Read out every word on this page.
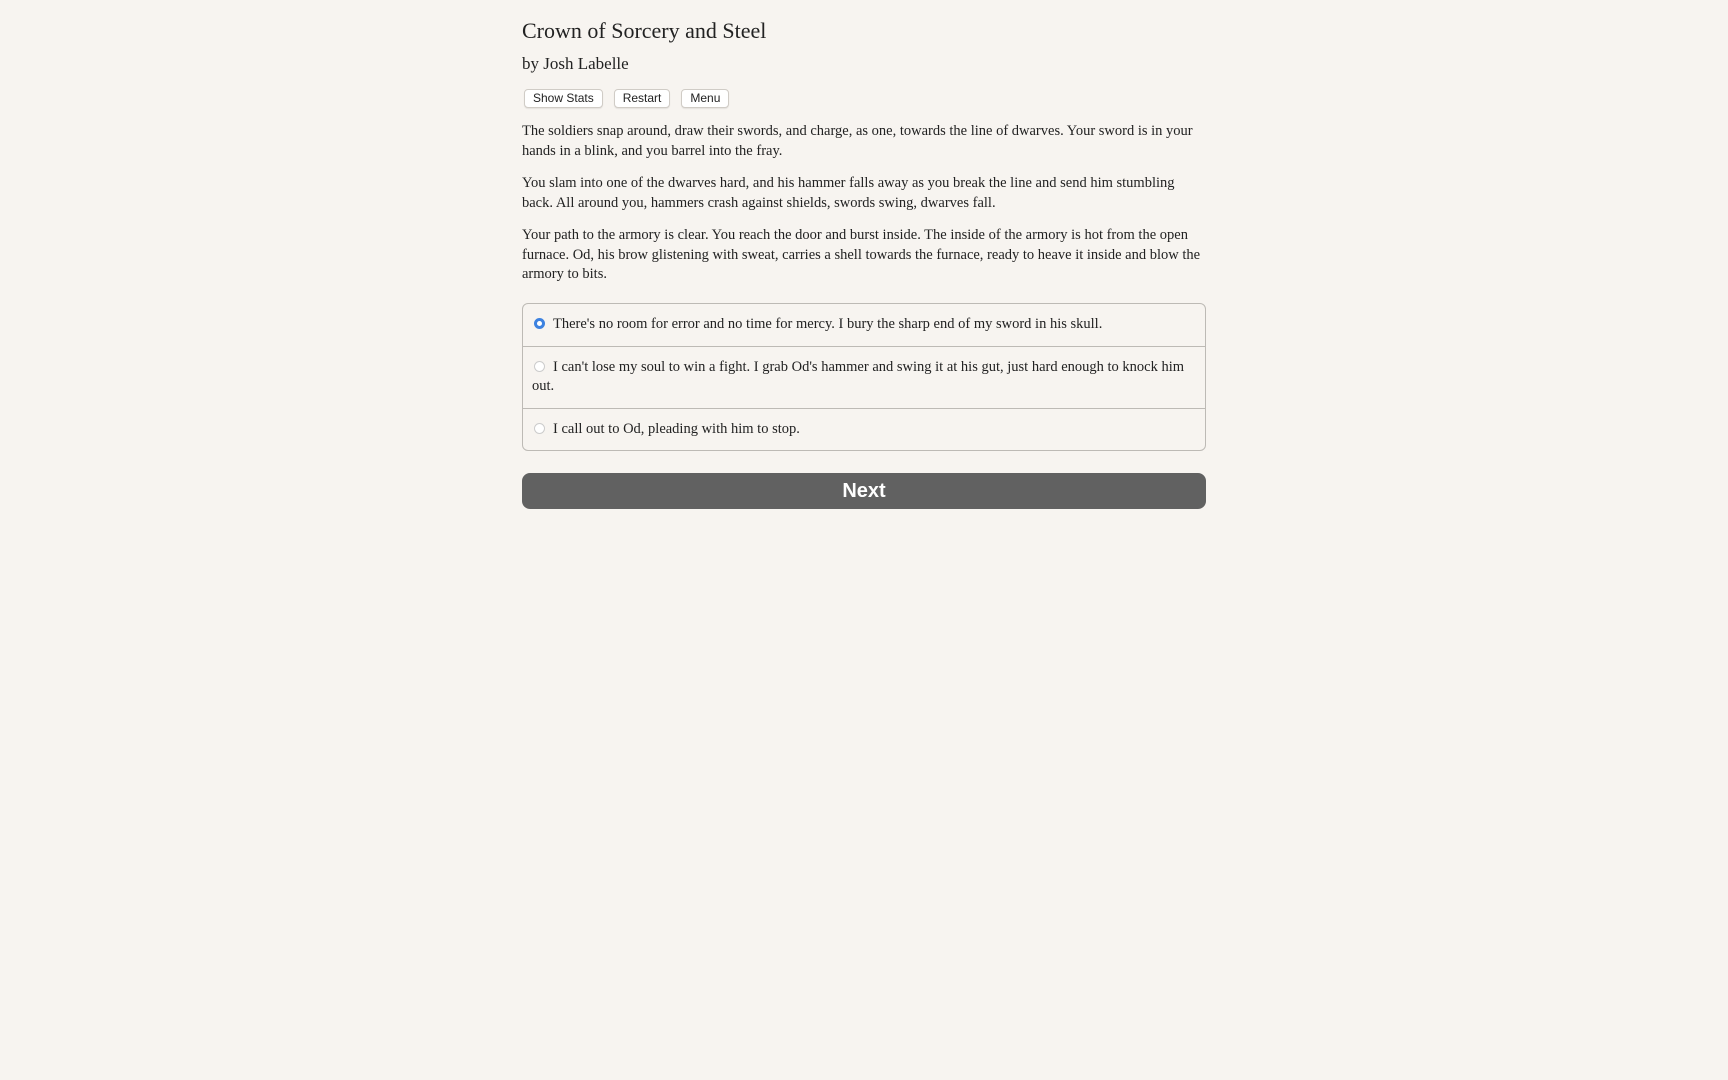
Crown of Sorcery and Steel
by Josh Labelle
Show Stats	Restart	Menu

The soldiers snap around, draw their swords, and charge, as one, towards the line of dwarves. Your sword is in your hands in a blink, and you barrel into the fray.

You slam into one of the dwarves hard, and his hammer falls away as you break the line and send him stumbling back. All around you, hammers crash against shields, swords swing, dwarves fall.

Your path to the armory is clear. You reach the door and burst inside. The inside of the armory is hot from the open furnace. Od, his brow glistening with sweat, carries a shell towards the furnace, ready to heave it inside and blow the armory to bits.

There's no room for error and no time for mercy. I bury the sharp end of my sword in his skull.
I can't lose my soul to win a fight. I grab Od's hammer and swing it at his gut, just hard enough to knock him out.
I call out to Od, pleading with him to stop.
Next
